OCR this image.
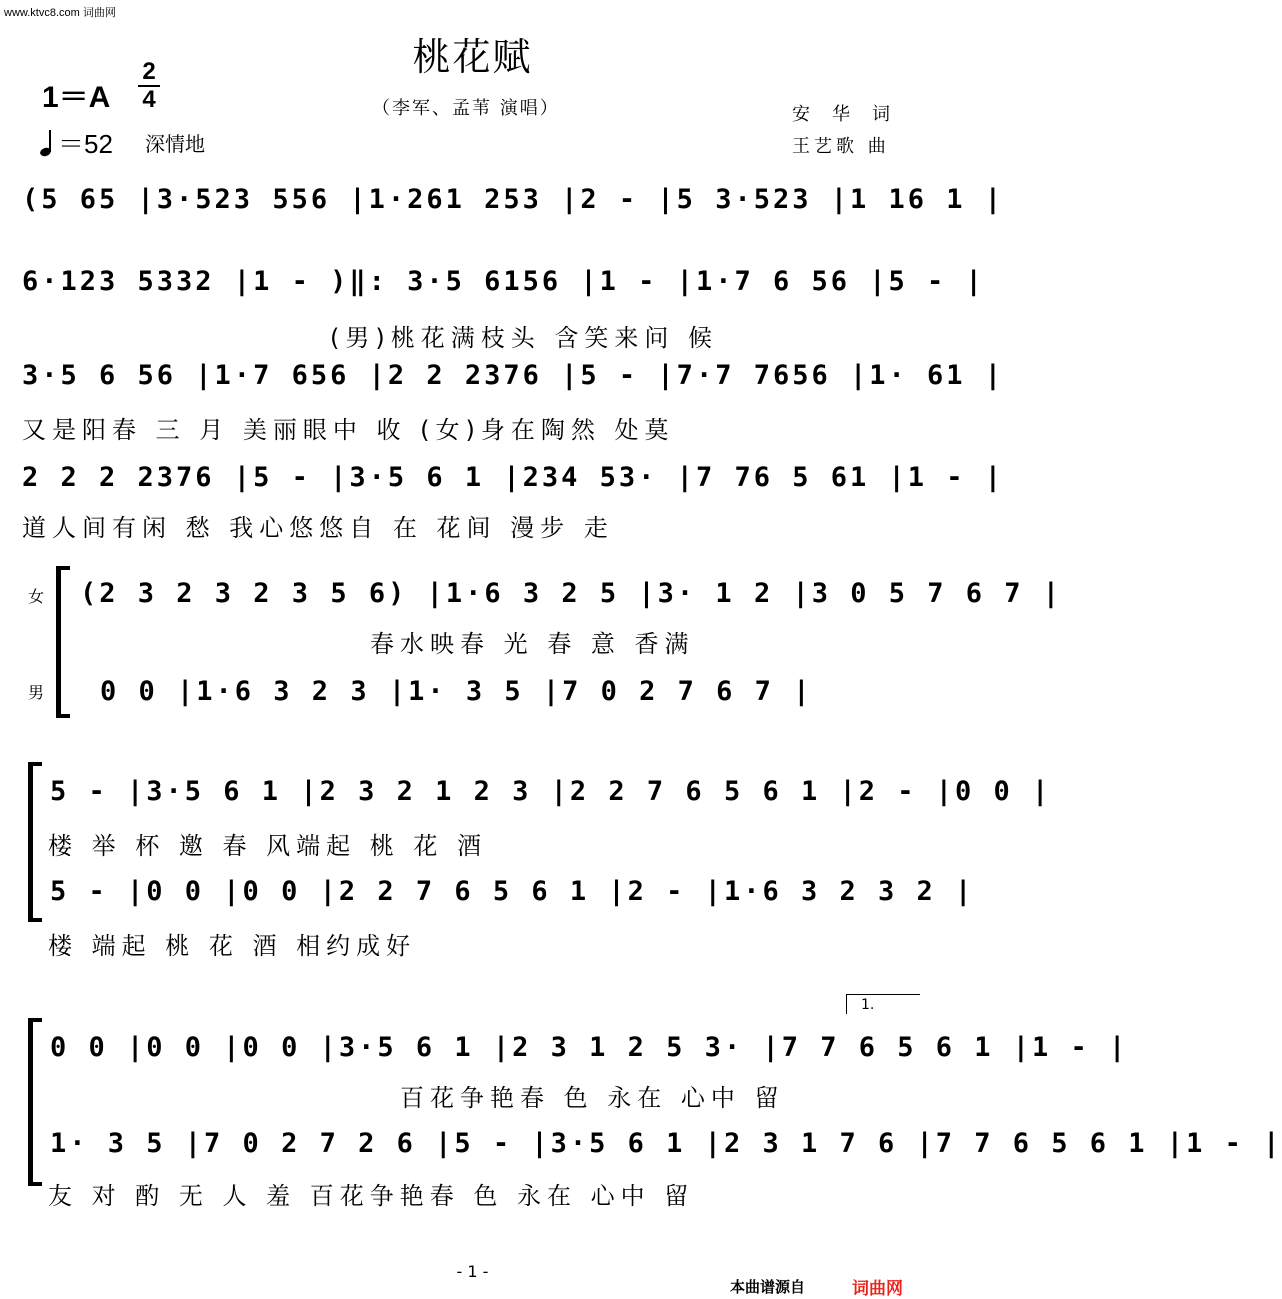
www.ktvc8.com 词曲网
桃花赋
（李军、孟苇 演唱）	安华词
王艺歌 曲
1＝A
2
4
＝52 深情地
(5 65 |3·523 556 |1·261 253 |2 - |5 3·523 |1 16 1 |
6·123 5332 |1 - )‖: 3·5 6156 |1 - |1·7 6 56 |5 - |
(男)桃花满枝头 含笑来问 候
3·5 6 56 |1·7 656 |2 2 2376 |5 - |7·7 7656 |1· 61 |
又是阳春 三 月 美丽眼中 收 (女)身在陶然 处莫
2 2 2 2376 |5 - |3·5 6 1 |234 53· |7 76 5 61 |1 - |
道人间有闲 愁 我心悠悠自 在 花间 漫步 走
女
男
(2 3 2 3 2 3 5 6) |1·6 3 2 5 |3· 1 2 |3 0 5 7 6 7 |
春水映春 光 春 意 香满
0 0 |1·6 3 2 3 |1· 3 5 |7 0 2 7 6 7 |
5 - |3·5 6 1 |2 3 2 1 2 3 |2 2 7 6 5 6 1 |2 - |0 0 |
楼 举 杯 邀 春 风端起 桃 花 酒
5 - |0 0 |0 0 |2 2 7 6 5 6 1 |2 - |1·6 3 2 3 2 |
楼 端起 桃 花 酒 相约成好
1.
0 0 |0 0 |0 0 |3·5 6 1 |2 3 1 2 5 3· |7 7 6 5 6 1 |1 - |
百花争艳春 色 永在 心中 留
1· 3 5 |7 0 2 7 2 6 |5 - |3·5 6 1 |2 3 1 7 6 |7 7 6 5 6 1 |1 - |
友 对 酌 无 人 羞 百花争艳春 色 永在 心中 留
- 1 -
本曲谱源自	词曲网
